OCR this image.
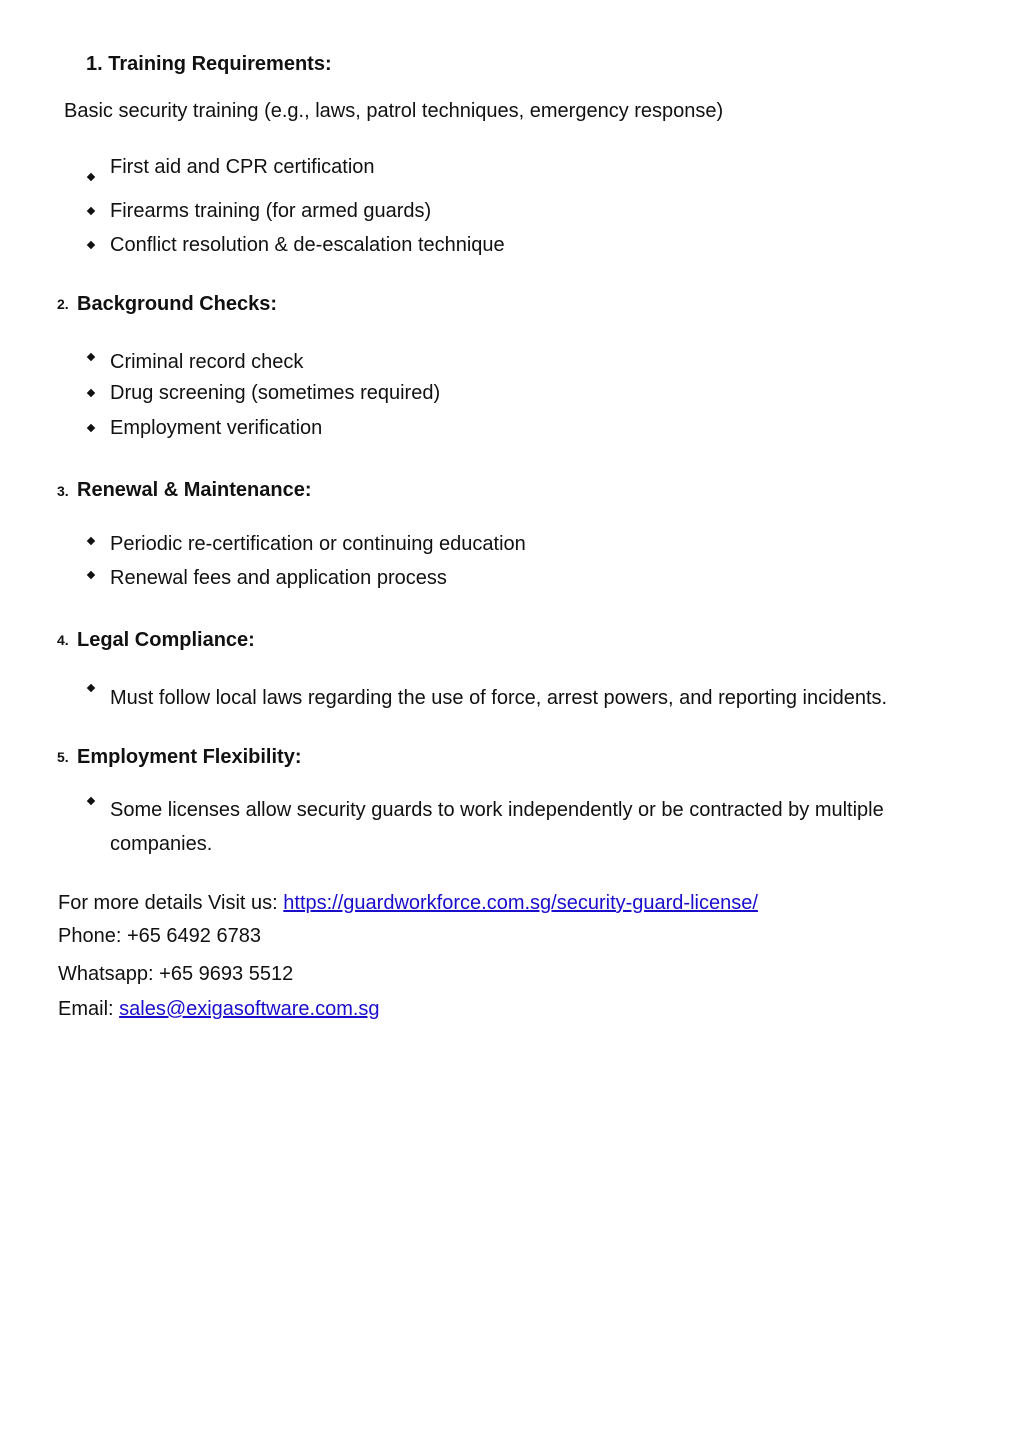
1. Training Requirements:
Basic security training (e.g., laws, patrol techniques, emergency response)
First aid and CPR certification
Firearms training (for armed guards)
Conflict resolution & de-escalation technique
2. Background Checks:
Criminal record check
Drug screening (sometimes required)
Employment verification
3. Renewal & Maintenance:
Periodic re-certification or continuing education
Renewal fees and application process
4. Legal Compliance:
Must follow local laws regarding the use of force, arrest powers, and reporting incidents.
5. Employment Flexibility:
Some licenses allow security guards to work independently or be contracted by multiple
companies.
For more details Visit us: https://guardworkforce.com.sg/security-guard-license/
Phone: +65 6492 6783
Whatsapp: +65 9693 5512
Email: sales@exigasoftware.com.sg
